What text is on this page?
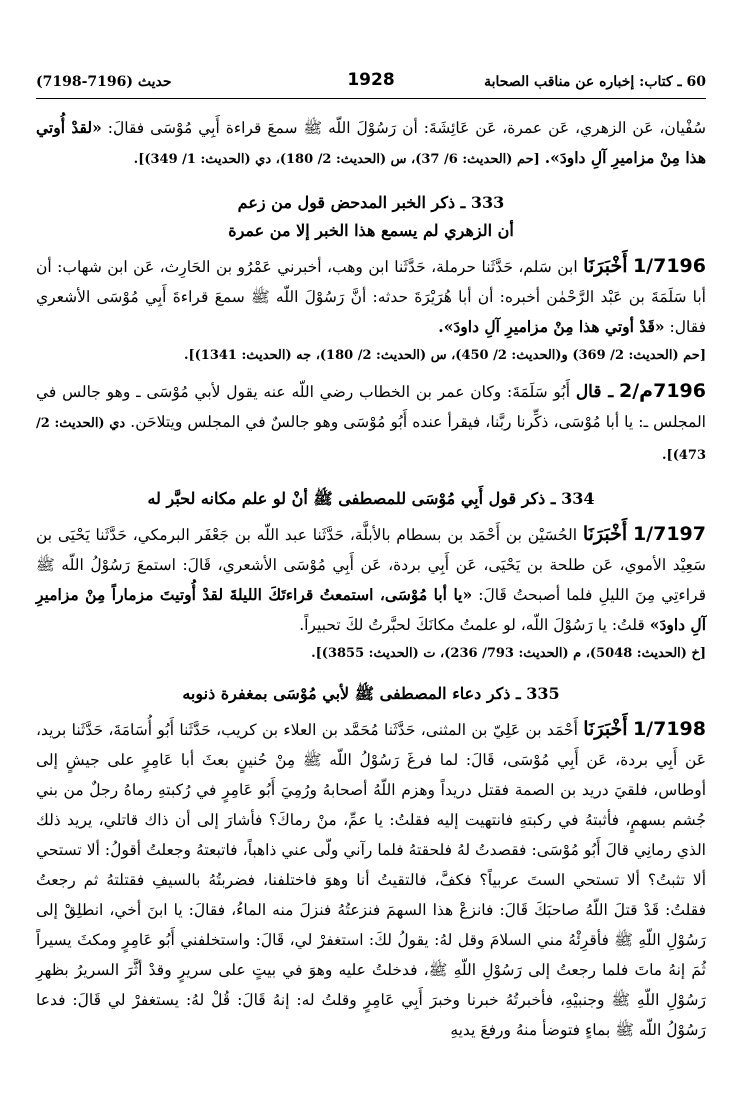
60 ـ كتاب: إخباره عن مناقب الصحابة
1928
حديث (7196-7198)

سُفْيان، عَن الزهري، عَن عمرة، عَن عَائِشَةَ: أن رَسُوْلَ اللّه ﷺ سمعَ قراءة أَبِي مُوْسَى فقالَ: «لقدْ أُوتي هذا مِنْ مزاميرِ آلِ داودَ». [حم (الحديث: 6/ 37)، س (الحديث: 2/ 180)، دي (الحديث: 1/ 349)].

333 ـ ذكر الخبر المدحض قول من زعم
أن الزهري لم يسمع هذا الخبر إلا من عمرة

1/7196 أَخْبَرَنَا ابن سَلم، حَدَّثَنا حرملة، حَدَّثَنا ابن وهب، أخبرني عَمْرُو بن الحَارِث، عَن ابن شهاب: أن أبا سَلَمَةَ بن عَبْد الرَّحْمٰن أخبره: أن أبا هُرَيْرَةَ حدثه: أنَّ رَسُوْلَ اللّه ﷺ سمعَ قراءةَ أَبِي مُوْسَى الأشعري فقال: «قَدْ أوتي هذا مِنْ مزاميرِ آلِ داودَ».

[حم (الحديث: 2/ 369) و(الحديث: 2/ 450)، س (الحديث: 2/ 180)، جه (الحديث: 1341)].

7196م/2 ـ قال أَبُو سَلَمَةَ: وكان عمر بن الخطاب رضي اللّه عنه يقول لأبي مُوْسَى ـ وهو جالس في المجلس ـ: يا أبا مُوْسَى، ذكِّرنا ربَّنا، فيقرأ عنده أَبُو مُوْسَى وهو جالسٌ في المجلس ويتلاحَن. دي (الحديث: 2/ 473)].

334 ـ ذكر قول أَبِي مُوْسَى للمصطفى ﷺ أنْ لو علم مكانه لحبَّر له

1/7197 أَخْبَرَنَا الحُسَيْن بن أَحْمَد بن بسطام بالأبلَّة، حَدَّثَنا عبد اللّه بن جَعْفَر البرمكي، حَدَّثَنا يَحْيَى بن سَعِيْد الأموي، عَن طلحة بن يَحْيَى، عَن أَبِي بردة، عَن أَبِي مُوْسَى الأشعري، قَالَ: استمعَ رَسُوْلُ اللّه ﷺ قراءتِي مِنَ الليلِ فلما أصبحتُ قَالَ: «يا أبا مُوْسَى، استمعتُ قراءتَكَ الليلةَ لقدْ أُوتيتَ مزماراً مِنْ مزاميرِ آلِ داودَ» قلتُ: يا رَسُوْلَ اللّه، لو علمتُ مكانَكَ لحبَّرتُ لكَ تحبيراً.

[خ (الحديث: 5048)، م (الحديث: 793/ 236)، ت (الحديث: 3855)].

335 ـ ذكر دعاء المصطفى ﷺ لأبي مُوْسَى بمغفرة ذنوبه

1/7198 أَخْبَرَنَا أَحْمَد بن عَلِيّ بن المثنى، حَدَّثَنا مُحَمَّد بن العلاء بن كريب، حَدَّثَنا أَبُو أُسَامَةَ، حَدَّثَنا بريد، عَن أَبِي بردة، عَن أَبِي مُوْسَى، قَالَ: لما فرغَ رَسُوْلُ اللّه ﷺ مِنْ حُنينٍ بعثَ أبا عَامِرٍ على جيشٍ إلى أوطاس، فلقيَ دريد بن الصمة فقتل دريداً وهزم اللّهُ أصحابهُ ورُمِيَ أَبُو عَامِرٍ في رُكبتهِ رماهُ رجلٌ من بني جُشم بسهمٍ، فأثبتهُ في ركبتهِ فانتهيت إليه فقلتُ: يا عمِّ، منْ رماكَ؟ فأشارَ إلى أن ذاك قاتلي، يريد ذلك الذي رمانِي قالَ أَبُو مُوْسَى: فقصدتُ لهُ فلحقتهُ فلما رآني ولّى عني ذاهباً، فاتبعتهُ وجعلتُ أقولُ: ألا تستحي ألا تثبتُ؟ ألا تستحي الستَ عربياً؟ فكفَّ، فالتقيتُ أنا وهوَ فاختلفنا، فضربتُهُ بالسيفِ فقتلتهُ ثم رجعتُ فقلتُ: قَدْ قتلَ اللّهُ صاحبَكَ قَالَ: فانزعْ هذا السهمَ فنزعتُهُ فنزلَ منه الماءُ، فقالَ: يا ابنَ أخي، انطلِقْ إلى رَسُوْلِ اللّهِ ﷺ فأقرِئْهُ مني السلامَ وقل لهُ: يقولُ لكَ: استغفرْ لي، قَالَ: واستخلفني أَبُو عَامِرٍ ومكثَ يسيراً ثُمَ إنهُ ماتَ فلما رجعتُ إلى رَسُوْلِ اللّهِ ﷺ، فدخلتُ عليه وهوَ في بيتٍ على سريرٍ وقدْ أثَّرَ السريرُ بظهرِ رَسُوْلِ اللّهِ ﷺ وجنبيْهِ، فأخبرتُهُ خبرنا وخبرَ أَبِي عَامِرٍ وقلتُ له: إنهُ قَالَ: قُلْ لهُ: يستغفرْ لي قَالَ: فدعا رَسُوْلُ اللّه ﷺ بماءٍ فتوضأ منهُ ورفعَ يديهِ
